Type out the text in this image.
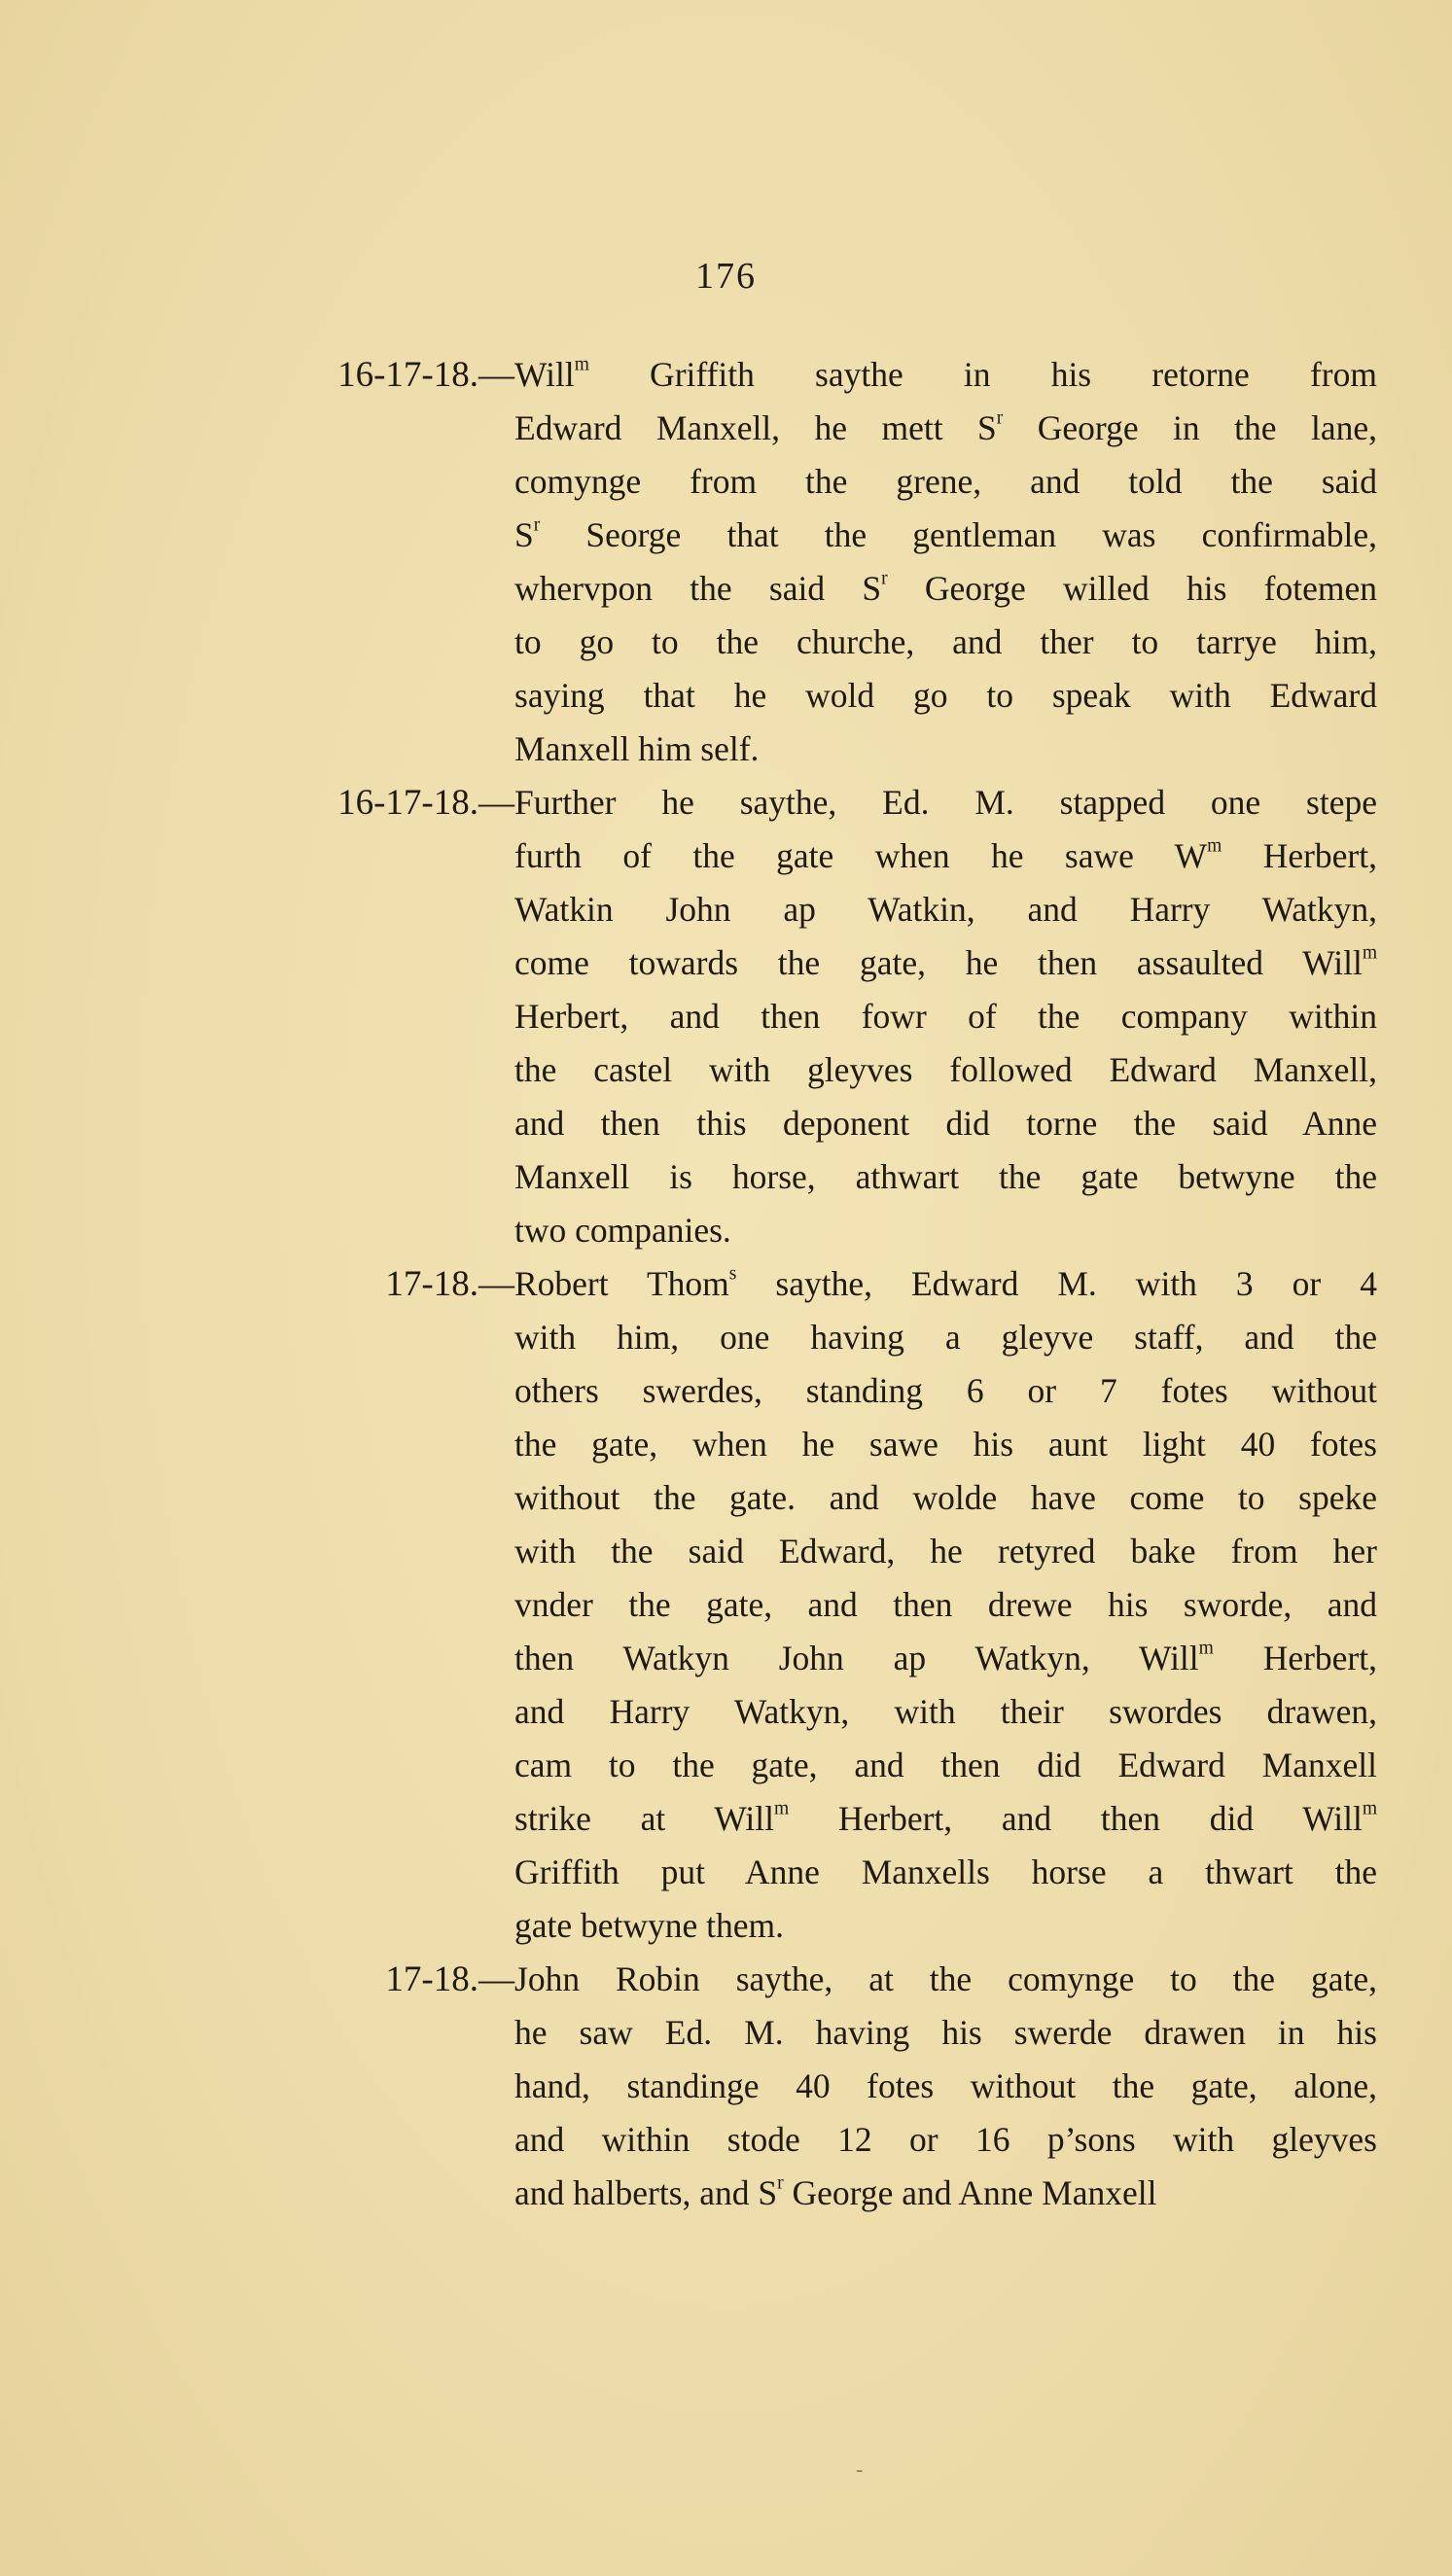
176
16-17-18.— Will$^m$ Griffith saythe in his retorne from
Edward Manxell, he mett $S^r$ George in the lane,
comynge from the grene, and told the said
$S^r$ Seorge that the gentleman was confirmable,
whervpon the said $S^r$ George willed his fotemen
to go to the churche, and ther to tarrye him,
saying that he wold go to speak with Edward
Manxell him self.
16-17-18.— Further he saythe, Ed. M. stapped one stepe
furth of the gate when he sawe $W^m$ Herbert,
Watkin John ap Watkin, and Harry Watkyn,
come towards the gate, he then assaulted Will$^m$
Herbert, and then fowr of the company within
the castel with gleyves followed Edward Manxell,
and then this deponent did torne the said Anne
Manxell is horse, athwart the gate betwyne the
two companies.
17-18.— Robert Thom$^s$ saythe, Edward M. with 3 or 4
with him, one having a gleyve staff, and the
others swerdes, standing 6 or 7 fotes without
the gate, when he sawe his aunt light 40 fotes
without the gate. and wolde have come to speke
with the said Edward, he retyred bake from her
vnder the gate, and then drewe his sworde, and
then Watkyn John ap Watkyn, Will$^m$ Herbert,
and Harry Watkyn, with their swordes drawen,
cam to the gate, and then did Edward Manxell
strike at Will$^m$ Herbert, and then did Will$^m$
Griffith put Anne Manxells horse a thwart the
gate betwyne them.
17-18.— John Robin saythe, at the comynge to the gate,
he saw Ed. M. having his swerde drawen in his
hand, standinge 40 fotes without the gate, alone,
and within stode 12 or 16 p’sons with gleyves
and halberts, and $S^r$ George and Anne Manxell
-
